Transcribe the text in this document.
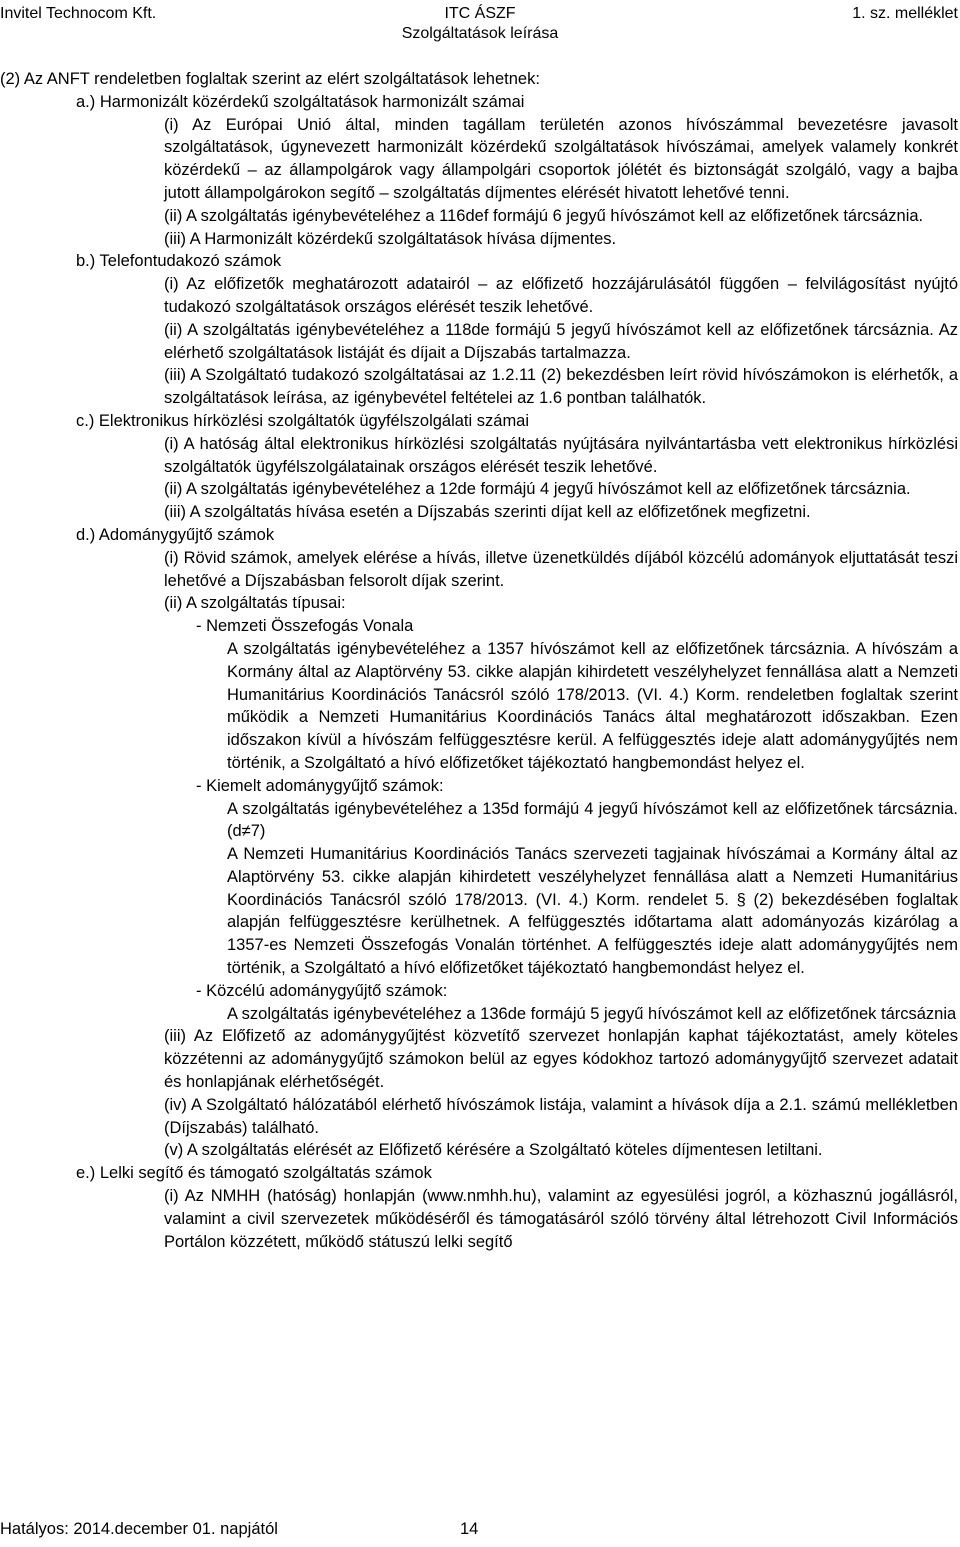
Invitel Technocom Kft.	ITC ÁSZF
Szolgáltatások leírása
1. sz. melléklet

(2) Az ANFT rendeletben foglaltak szerint az elért szolgáltatások lehetnek:

a.) Harmonizált közérdekű szolgáltatások harmonizált számai

(i) Az Európai Unió által, minden tagállam területén azonos hívószámmal bevezetésre javasolt szolgáltatások, úgynevezett harmonizált közérdekű szolgáltatások hívószámai, amelyek valamely konkrét közérdekű – az állampolgárok vagy állampolgári csoportok jólétét és biztonságát szolgáló, vagy a bajba jutott állampolgárokon segítő – szolgáltatás díjmentes elérését hivatott lehetővé tenni.

(ii) A szolgáltatás igénybevételéhez a 116def formájú 6 jegyű hívószámot kell az előfizetőnek tárcsáznia.

(iii) A Harmonizált közérdekű szolgáltatások hívása díjmentes.

b.) Telefontudakozó számok

(i) Az előfizetők meghatározott adatairól – az előfizető hozzájárulásától függően – felvilágosítást nyújtó tudakozó szolgáltatások országos elérését teszik lehetővé.

(ii) A szolgáltatás igénybevételéhez a 118de formájú 5 jegyű hívószámot kell az előfizetőnek tárcsáznia. Az elérhető szolgáltatások listáját és díjait a Díjszabás tartalmazza.

(iii) A Szolgáltató tudakozó szolgáltatásai az 1.2.11 (2) bekezdésben leírt rövid hívószámokon is elérhetők, a szolgáltatások leírása, az igénybevétel feltételei az 1.6 pontban találhatók.

c.) Elektronikus hírközlési szolgáltatók ügyfélszolgálati számai

(i) A hatóság által elektronikus hírközlési szolgáltatás nyújtására nyilvántartásba vett elektronikus hírközlési szolgáltatók ügyfélszolgálatainak országos elérését teszik lehetővé.

(ii) A szolgáltatás igénybevételéhez a 12de formájú 4 jegyű hívószámot kell az előfizetőnek tárcsáznia.

(iii) A szolgáltatás hívása esetén a Díjszabás szerinti díjat kell az előfizetőnek megfizetni.

d.) Adománygyűjtő számok

(i) Rövid számok, amelyek elérése a hívás, illetve üzenetküldés díjából közcélú adományok eljuttatását teszi lehetővé a Díjszabásban felsorolt díjak szerint.

(ii) A szolgáltatás típusai:

- Nemzeti Összefogás Vonala

A szolgáltatás igénybevételéhez a 1357 hívószámot kell az előfizetőnek tárcsáznia. A hívószám a Kormány által az Alaptörvény 53. cikke alapján kihirdetett veszélyhelyzet fennállása alatt a Nemzeti Humanitárius Koordinációs Tanácsról szóló 178/2013. (VI. 4.) Korm. rendeletben foglaltak szerint működik a Nemzeti Humanitárius Koordinációs Tanács által meghatározott időszakban. Ezen időszakon kívül a hívószám felfüggesztésre kerül. A felfüggesztés ideje alatt adománygyűjtés nem történik, a Szolgáltató a hívó előfizetőket tájékoztató hangbemondást helyez el.

- Kiemelt adománygyűjtő számok:

A szolgáltatás igénybevételéhez a 135d formájú 4 jegyű hívószámot kell az előfizetőnek tárcsáznia. (d≠7)

A Nemzeti Humanitárius Koordinációs Tanács szervezeti tagjainak hívószámai a Kormány által az Alaptörvény 53. cikke alapján kihirdetett veszélyhelyzet fennállása alatt a Nemzeti Humanitárius Koordinációs Tanácsról szóló 178/2013. (VI. 4.) Korm. rendelet 5. § (2) bekezdésében foglaltak alapján felfüggesztésre kerülhetnek. A felfüggesztés időtartama alatt adományozás kizárólag a 1357-es Nemzeti Összefogás Vonalán történhet. A felfüggesztés ideje alatt adománygyűjtés nem történik, a Szolgáltató a hívó előfizetőket tájékoztató hangbemondást helyez el.

- Közcélú adománygyűjtő számok:

A szolgáltatás igénybevételéhez a 136de formájú 5 jegyű hívószámot kell az előfizetőnek tárcsáznia

(iii) Az Előfizető az adománygyűjtést közvetítő szervezet honlapján kaphat tájékoztatást, amely köteles közzétenni az adománygyűjtő számokon belül az egyes kódokhoz tartozó adománygyűjtő szervezet adatait és honlapjának elérhetőségét.

(iv) A Szolgáltató hálózatából elérhető hívószámok listája, valamint a hívások díja a 2.1. számú mellékletben (Díjszabás) található.

(v) A szolgáltatás elérését az Előfizető kérésére a Szolgáltató köteles díjmentesen letiltani.

e.) Lelki segítő és támogató szolgáltatás számok

(i) Az NMHH (hatóság) honlapján (www.nmhh.hu), valamint az egyesülési jogról, a közhasznú jogállásról, valamint a civil szervezetek működéséről és támogatásáról szóló törvény által létrehozott Civil Információs Portálon közzétett, működő státuszú lelki segítő

Hatályos: 2014.december 01. napjától	14
